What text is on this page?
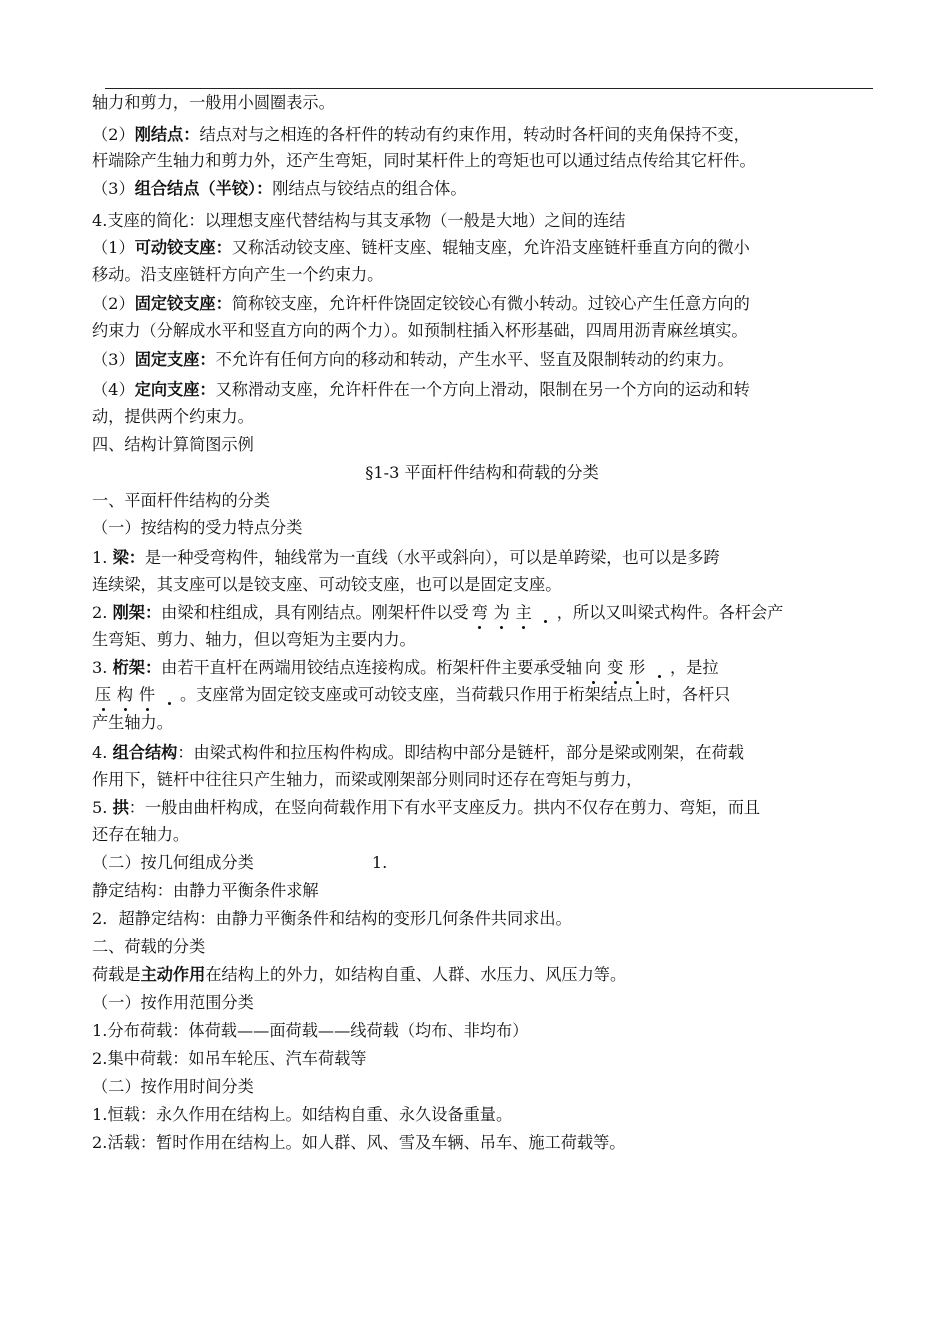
轴力和剪力，一般用小圆圈表示。
（2）刚结点：结点对与之相连的各杆件的转动有约束作用，转动时各杆间的夹角保持不变，
杆端除产生轴力和剪力外，还产生弯矩，同时某杆件上的弯矩也可以通过结点传给其它杆件。
（3）组合结点（半铰）：刚结点与铰结点的组合体。
4.支座的简化：以理想支座代替结构与其支承物（一般是大地）之间的连结
（1）可动铰支座：又称活动铰支座、链杆支座、辊轴支座，允许沿支座链杆垂直方向的微小
移动。沿支座链杆方向产生一个约束力。
（2）固定铰支座：简称铰支座，允许杆件饶固定铰铰心有微小转动。过铰心产生任意方向的
约束力（分解成水平和竖直方向的两个力）。如预制柱插入杯形基础，四周用沥青麻丝填实。
（3）固定支座：不允许有任何方向的移动和转动，产生水平、竖直及限制转动的约束力。
（4）定向支座：又称滑动支座，允许杆件在一个方向上滑动，限制在另一个方向的运动和转
动，提供两个约束力。
四、结构计算简图示例
§1-3 平面杆件结构和荷载的分类
一、平面杆件结构的分类
（一）按结构的受力特点分类
1. 梁：是一种受弯构件，轴线常为一直线（水平或斜向），可以是单跨梁，也可以是多跨
连续梁，其支座可以是铰支座、可动铰支座，也可以是固定支座。
2. 刚架：由梁和柱组成，具有刚结点。刚架杆件以受 弯 为 主 ，所以又叫梁式构件。各杆会产
生弯矩、剪力、轴力，但以弯矩为主要内力。
3. 桁架：由若干直杆在两端用铰结点连接构成。桁架杆件主要承受轴 向 变 形 ，是拉
压 构 件 。支座常为固定铰支座或可动铰支座，当荷载只作用于桁架结点上时，各杆只
产生轴力。
4. 组合结构：由梁式构件和拉压构件构成。即结构中部分是链杆，部分是梁或刚架，在荷载
作用下，链杆中往往只产生轴力，而梁或刚架部分则同时还存在弯矩与剪力，
5. 拱：一般由曲杆构成，在竖向荷载作用下有水平支座反力。拱内不仅存在剪力、弯矩，而且
还存在轴力。
（二）按几何组成分类	1.
静定结构：由静力平衡条件求解
2．超静定结构：由静力平衡条件和结构的变形几何条件共同求出。
二、荷载的分类
荷载是主动作用在结构上的外力，如结构自重、人群、水压力、风压力等。
（一）按作用范围分类
1.分布荷载：体荷载——面荷载——线荷载（均布、非均布）
2.集中荷载：如吊车轮压、汽车荷载等
（二）按作用时间分类
1.恒载：永久作用在结构上。如结构自重、永久设备重量。
2.活载：暂时作用在结构上。如人群、风、雪及车辆、吊车、施工荷载等。
